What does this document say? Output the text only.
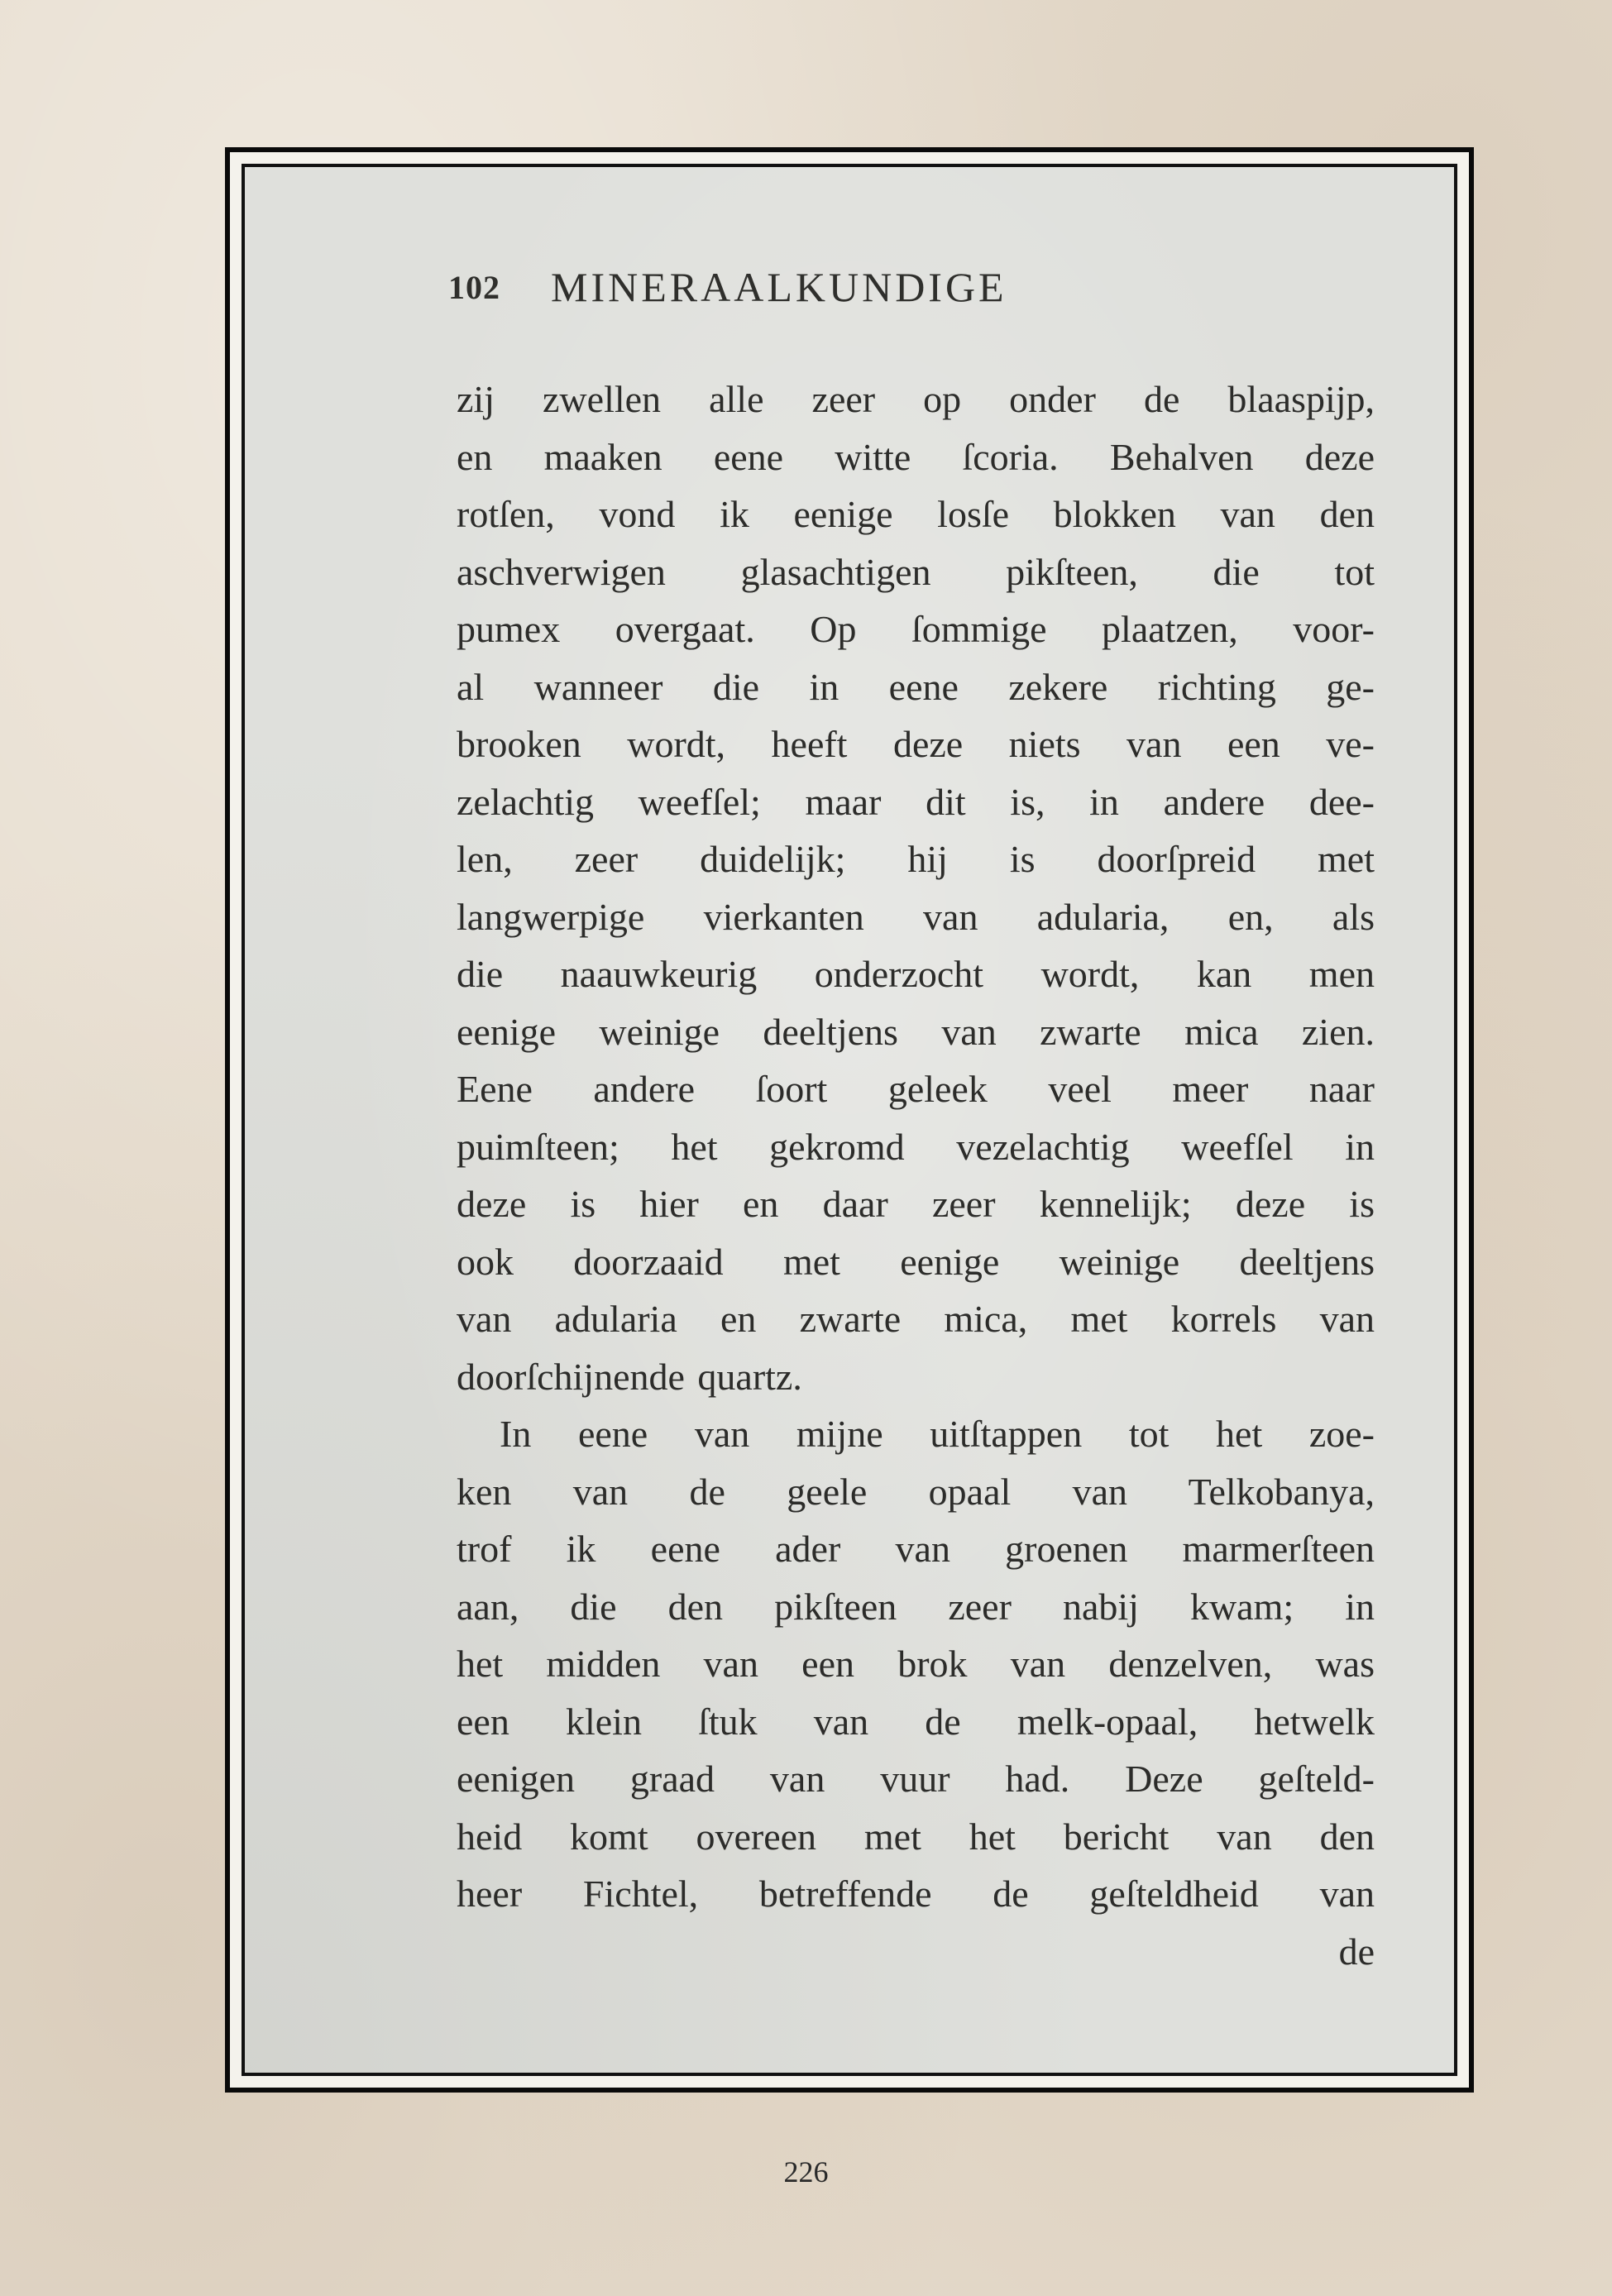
102 MINERAALKUNDIGE
zij zwellen alle zeer op onder de blaaspijp,
en maaken eene witte ſcoria. Behalven deze
rotſen, vond ik eenige losſe blokken van den
aschverwigen glasachtigen pikſteen, die tot
pumex overgaat. Op ſommige plaatzen, voor-
al wanneer die in eene zekere richting ge-
brooken wordt, heeft deze niets van een ve-
zelachtig weefſel; maar dit is, in andere dee-
len, zeer duidelijk; hij is doorſpreid met
langwerpige vierkanten van adularia, en, als
die naauwkeurig onderzocht wordt, kan men
eenige weinige deeltjens van zwarte mica zien.
Eene andere ſoort geleek veel meer naar
puimſteen; het gekromd vezelachtig weefſel in
deze is hier en daar zeer kennelijk; deze is
ook doorzaaid met eenige weinige deeltjens
van adularia en zwarte mica, met korrels van
doorſchijnende quartz.
In eene van mijne uitſtappen tot het zoe-
ken van de geele opaal van Telkobanya,
trof ik eene ader van groenen marmerſteen
aan, die den pikſteen zeer nabij kwam; in
het midden van een brok van denzelven, was
een klein ſtuk van de melk-opaal, hetwelk
eenigen graad van vuur had. Deze geſteld-
heid komt overeen met het bericht van den
heer Fichtel, betreffende de geſteldheid van
de
226
